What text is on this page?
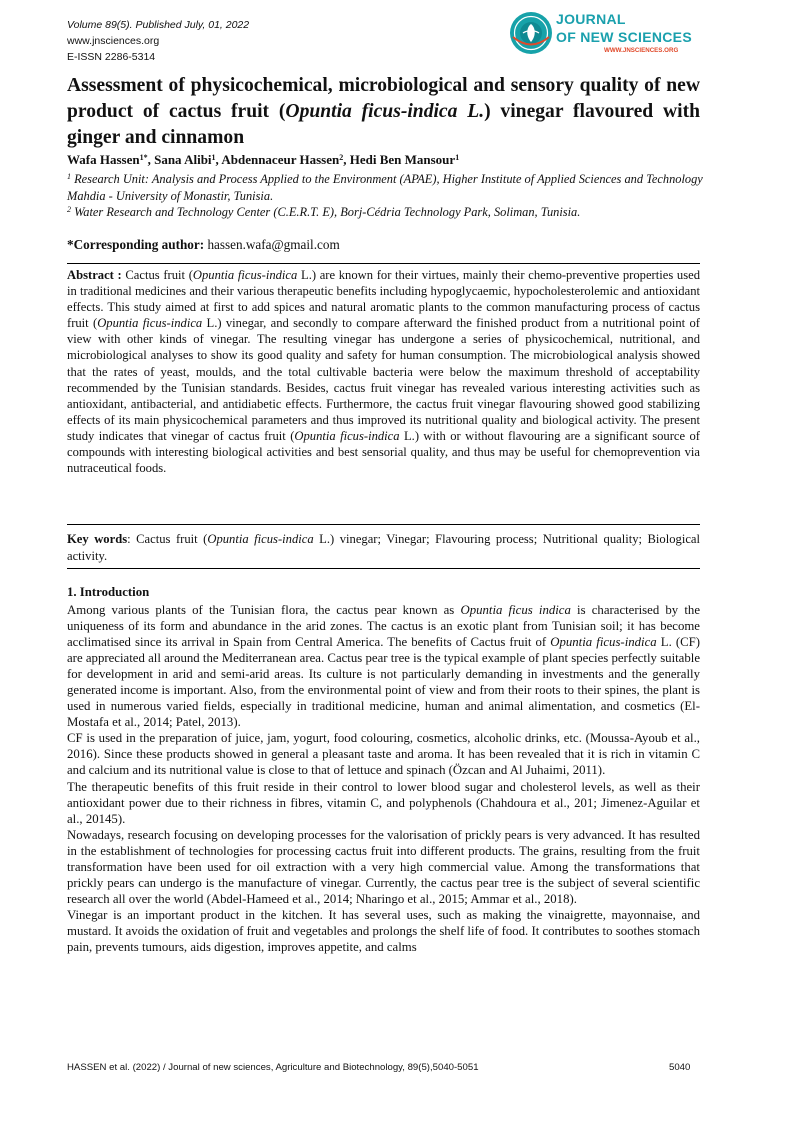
Volume 89(5). Published July, 01, 2022
www.jnsciences.org
E-ISSN 2286-5314
JOURNAL
OF NEW SCIENCES
WWW.JNSCIENCES.ORG
Assessment of physicochemical, microbiological and sensory quality of new product of cactus fruit (Opuntia ficus-indica L.) vinegar flavoured with ginger and cinnamon
Wafa Hassen$^{1*}$, Sana Alibi$^1$, Abdennaceur Hassen$^2$, Hedi Ben Mansour$^1$
$^1$ Research Unit: Analysis and Process Applied to the Environment (APAE), Higher Institute of Applied Sciences and Technology Mahdia - University of Monastir, Tunisia.
$^2$ Water Research and Technology Center (C.E.R.T. E), Borj-Cédria Technology Park, Soliman, Tunisia.
*Corresponding author: hassen.wafa@gmail.com
Abstract : Cactus fruit (Opuntia ficus-indica L.) are known for their virtues, mainly their chemo-preventive properties used in traditional medicines and their various therapeutic benefits including hypoglycaemic, hypocholesterolemic and antioxidant effects. This study aimed at first to add spices and natural aromatic plants to the common manufacturing process of cactus fruit (Opuntia ficus-indica L.) vinegar, and secondly to compare afterward the finished product from a nutritional point of view with other kinds of vinegar. The resulting vinegar has undergone a series of physicochemical, nutritional, and microbiological analyses to show its good quality and safety for human consumption. The microbiological analysis showed that the rates of yeast, moulds, and the total cultivable bacteria were below the maximum threshold of acceptability recommended by the Tunisian standards. Besides, cactus fruit vinegar has revealed various interesting activities such as antioxidant, antibacterial, and antidiabetic effects. Furthermore, the cactus fruit vinegar flavouring showed good stabilizing effects of its main physicochemical parameters and thus improved its nutritional quality and biological activity. The present study indicates that vinegar of cactus fruit (Opuntia ficus-indica L.) with or without flavouring are a significant source of compounds with interesting biological activities and best sensorial quality, and thus may be useful for chemoprevention via nutraceutical foods.
Key words: Cactus fruit (Opuntia ficus-indica L.) vinegar; Vinegar; Flavouring process; Nutritional quality; Biological activity.
1. Introduction

Among various plants of the Tunisian flora, the cactus pear known as Opuntia ficus indica is characterised by the uniqueness of its form and abundance in the arid zones. The cactus is an exotic plant from Tunisian soil; it has become acclimatised since its arrival in Spain from Central America. The benefits of Cactus fruit of Opuntia ficus-indica L. (CF) are appreciated all around the Mediterranean area. Cactus pear tree is the typical example of plant species perfectly suitable for development in arid and semi-arid areas. Its culture is not particularly demanding in investments and the generally generated income is important. Also, from the environmental point of view and from their roots to their spines, the plant is used in numerous varied fields, especially in traditional medicine, human and animal alimentation, and cosmetics (El-Mostafa et al., 2014; Patel, 2013).

CF is used in the preparation of juice, jam, yogurt, food colouring, cosmetics, alcoholic drinks, etc. (Moussa-Ayoub et al., 2016). Since these products showed in general a pleasant taste and aroma. It has been revealed that it is rich in vitamin C and calcium and its nutritional value is close to that of lettuce and spinach (Özcan and Al Juhaimi, 2011).

The therapeutic benefits of this fruit reside in their control to lower blood sugar and cholesterol levels, as well as their antioxidant power due to their richness in fibres, vitamin C, and polyphenols (Chahdoura et al., 201; Jimenez-Aguilar et al., 20145).

Nowadays, research focusing on developing processes for the valorisation of prickly pears is very advanced. It has resulted in the establishment of technologies for processing cactus fruit into different products. The grains, resulting from the fruit transformation have been used for oil extraction with a very high commercial value. Among the transformations that prickly pears can undergo is the manufacture of vinegar. Currently, the cactus pear tree is the subject of several scientific research all over the world (Abdel-Hameed et al., 2014; Nharingo et al., 2015; Ammar et al., 2018).

Vinegar is an important product in the kitchen. It has several uses, such as making the vinaigrette, mayonnaise, and mustard. It avoids the oxidation of fruit and vegetables and prolongs the shelf life of food. It contributes to soothes stomach pain, prevents tumours, aids digestion, improves appetite, and calms

HASSEN et al. (2022) / Journal of new sciences, Agriculture and Biotechnology, 89(5),5040-5051	5040
